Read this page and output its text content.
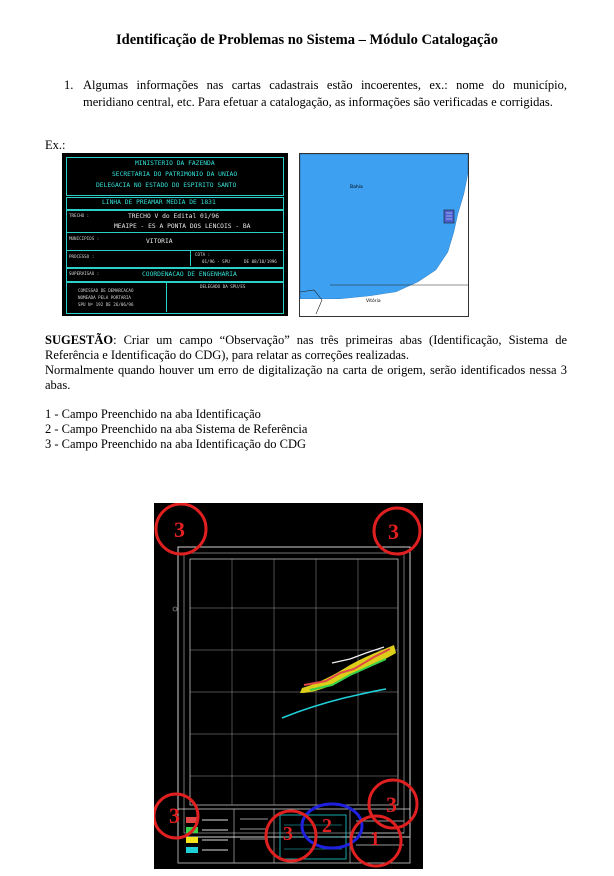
Identificação de Problemas no Sistema – Módulo Catalogação
1. Algumas informações nas cartas cadastrais estão incoerentes, ex.: nome do município, meridiano central, etc. Para efetuar a catalogação, as informações são verificadas e corrigidas.
Ex.:
MINISTERIO DA FAZENDA
SECRETARIA DO PATRIMONIO DA UNIAO
DELEGACIA NO ESTADO DO ESPIRITO SANTO
LINHA DE PREAMAR MEDIA DE 1831
TRECHO :	TRECHO V do Edital 01/96
MEAIPE - ES A PONTA DOS LENCOIS - BA
MUNICIPIOS :	VITORIA
PROCESSO :	COTA :
01/96 - SPU	DE 08/10/1996
SUPERVISAO :	COORDENACAO DE ENGENHARIA
COMISSAO DE DEMARCACAO
NOMEADA PELA PORTARIA
SPU Nº 192 DE 26/06/96
DELEGADO DA SPU/ES
Bahia
Vitória
SUGESTÃO: Criar um campo “Observação” nas três primeiras abas (Identificação, Sistema de Referência e Identificação do CDG), para relatar as correções realizadas.
Normalmente quando houver um erro de digitalização na carta de origem, serão identificados nessa 3 abas.
1 - Campo Preenchido na aba Identificação
2 - Campo Preenchido na aba Sistema de Referência
3 - Campo Preenchido na aba Identificação do CDG
3	3
3	3
2
1
3
